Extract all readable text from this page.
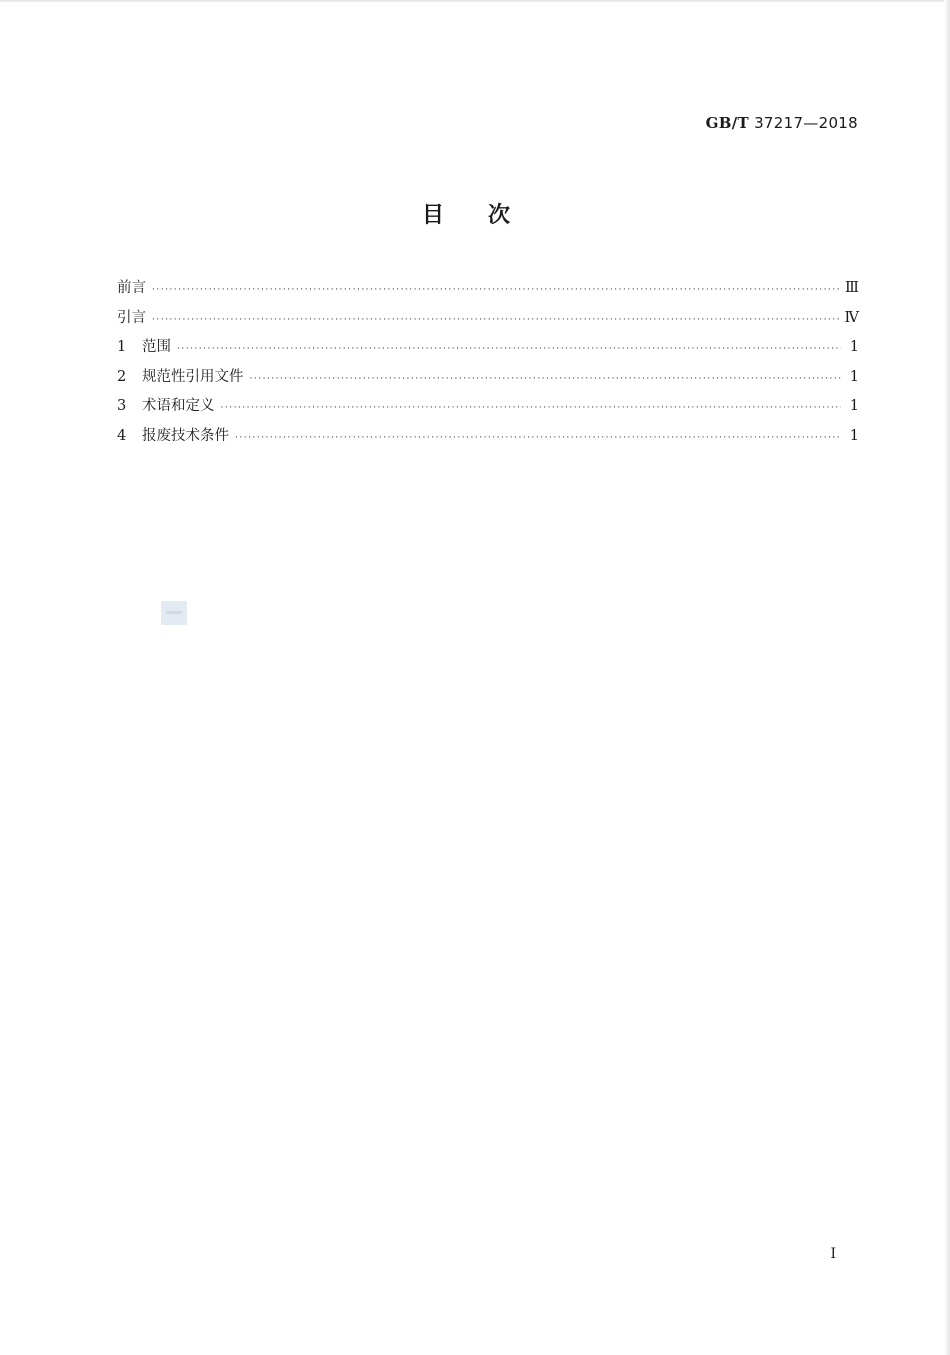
GB/T 37217—2018
目次
前言 ·····	Ⅲ
引言 ·····	Ⅳ
1	范围 ·····	1
2	规范性引用文件 ·····	1
3	术语和定义 ·····	1
4	报废技术条件 ·····	1
I
